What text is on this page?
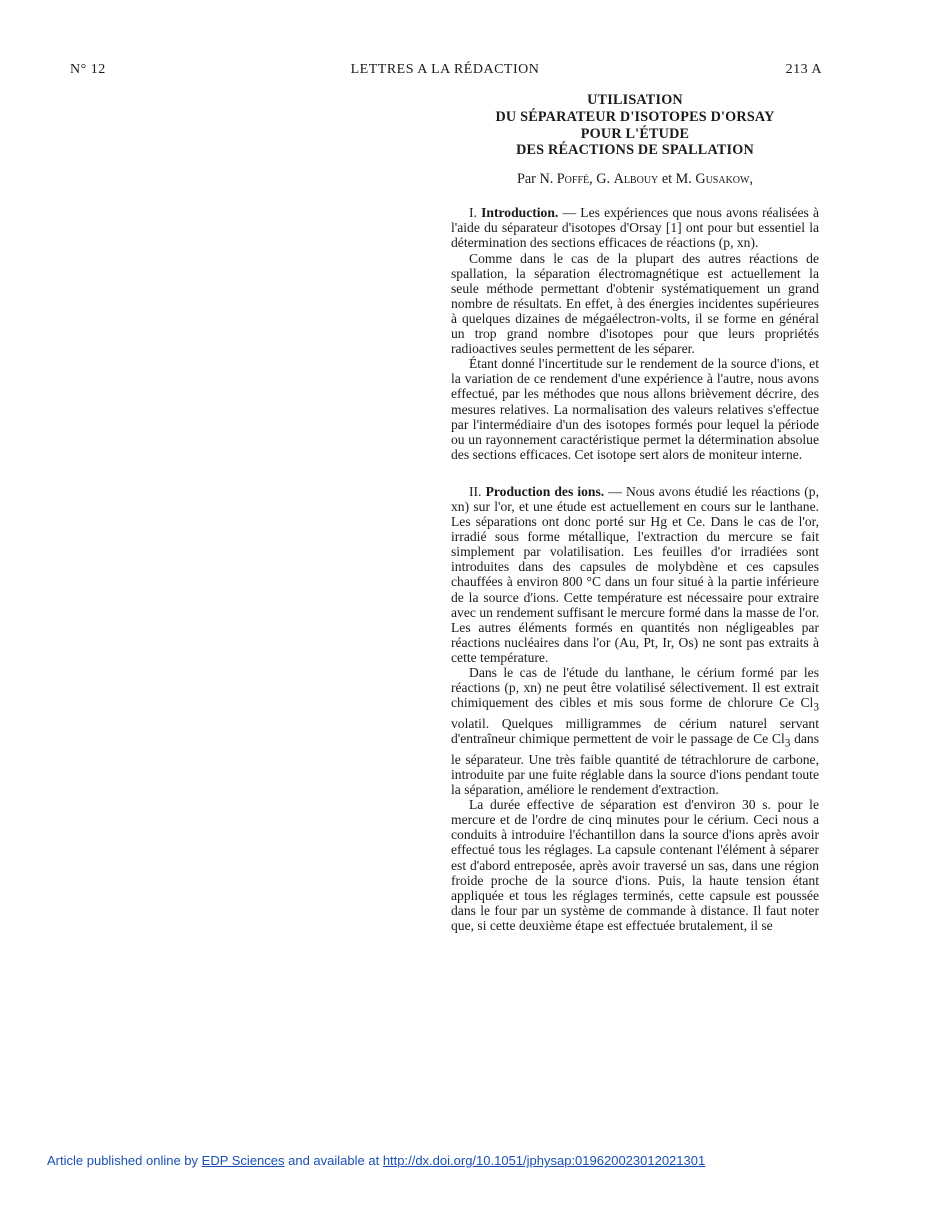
N° 12	LETTRES A LA RÉDACTION	213 A

UTILISATION

DU SÉPARATEUR D'ISOTOPES D'ORSAY

POUR L'ÉTUDE

DES RÉACTIONS DE SPALLATION

Par N. Poffé, G. Albouy et M. Gusakow,

I. Introduction. — Les expériences que nous avons réalisées à l'aide du séparateur d'isotopes d'Orsay [1] ont pour but essentiel la détermination des sections efficaces de réactions (p, xn).

Comme dans le cas de la plupart des autres réactions de spallation, la séparation électromagnétique est actuellement la seule méthode permettant d'obtenir systématiquement un grand nombre de résultats. En effet, à des énergies incidentes supérieures à quelques dizaines de mégaélectron-volts, il se forme en général un trop grand nombre d'isotopes pour que leurs propriétés radioactives seules permettent de les séparer.

Étant donné l'incertitude sur le rendement de la source d'ions, et la variation de ce rendement d'une expérience à l'autre, nous avons effectué, par les méthodes que nous allons brièvement décrire, des mesures relatives. La normalisation des valeurs relatives s'effectue par l'intermédiaire d'un des isotopes formés pour lequel la période ou un rayonnement caractéristique permet la détermination absolue des sections efficaces. Cet isotope sert alors de moniteur interne.

II. Production des ions. — Nous avons étudié les réactions (p, xn) sur l'or, et une étude est actuellement en cours sur le lanthane. Les séparations ont donc porté sur Hg et Ce. Dans le cas de l'or, irradié sous forme métallique, l'extraction du mercure se fait simplement par volatilisation. Les feuilles d'or irradiées sont introduites dans des capsules de molybdène et ces capsules chauffées à environ 800 °C dans un four situé à la partie inférieure de la source d'ions. Cette température est nécessaire pour extraire avec un rendement suffisant le mercure formé dans la masse de l'or. Les autres éléments formés en quantités non négligeables par réactions nucléaires dans l'or (Au, Pt, Ir, Os) ne sont pas extraits à cette température.

Dans le cas de l'étude du lanthane, le cérium formé par les réactions (p, xn) ne peut être volatilisé sélectivement. Il est extrait chimiquement des cibles et mis sous forme de chlorure Ce $Cl_3$ volatil. Quelques milligrammes de cérium naturel servant d'entraîneur chimique permettent de voir le passage de Ce $Cl_3$ dans le séparateur. Une très faible quantité de tétrachlorure de carbone, introduite par une fuite réglable dans la source d'ions pendant toute la séparation, améliore le rendement d'extraction.

La durée effective de séparation est d'environ 30 s. pour le mercure et de l'ordre de cinq minutes pour le cérium. Ceci nous a conduits à introduire l'échantillon dans la source d'ions après avoir effectué tous les réglages. La capsule contenant l'élément à séparer est d'abord entreposée, après avoir traversé un sas, dans une région froide proche de la source d'ions. Puis, la haute tension étant appliquée et tous les réglages terminés, cette capsule est poussée dans le four par un système de commande à distance. Il faut noter que, si cette deuxième étape est effectuée brutalement, il se

Article published online by EDP Sciences and available at http://dx.doi.org/10.1051/jphysap:019620023012021301
